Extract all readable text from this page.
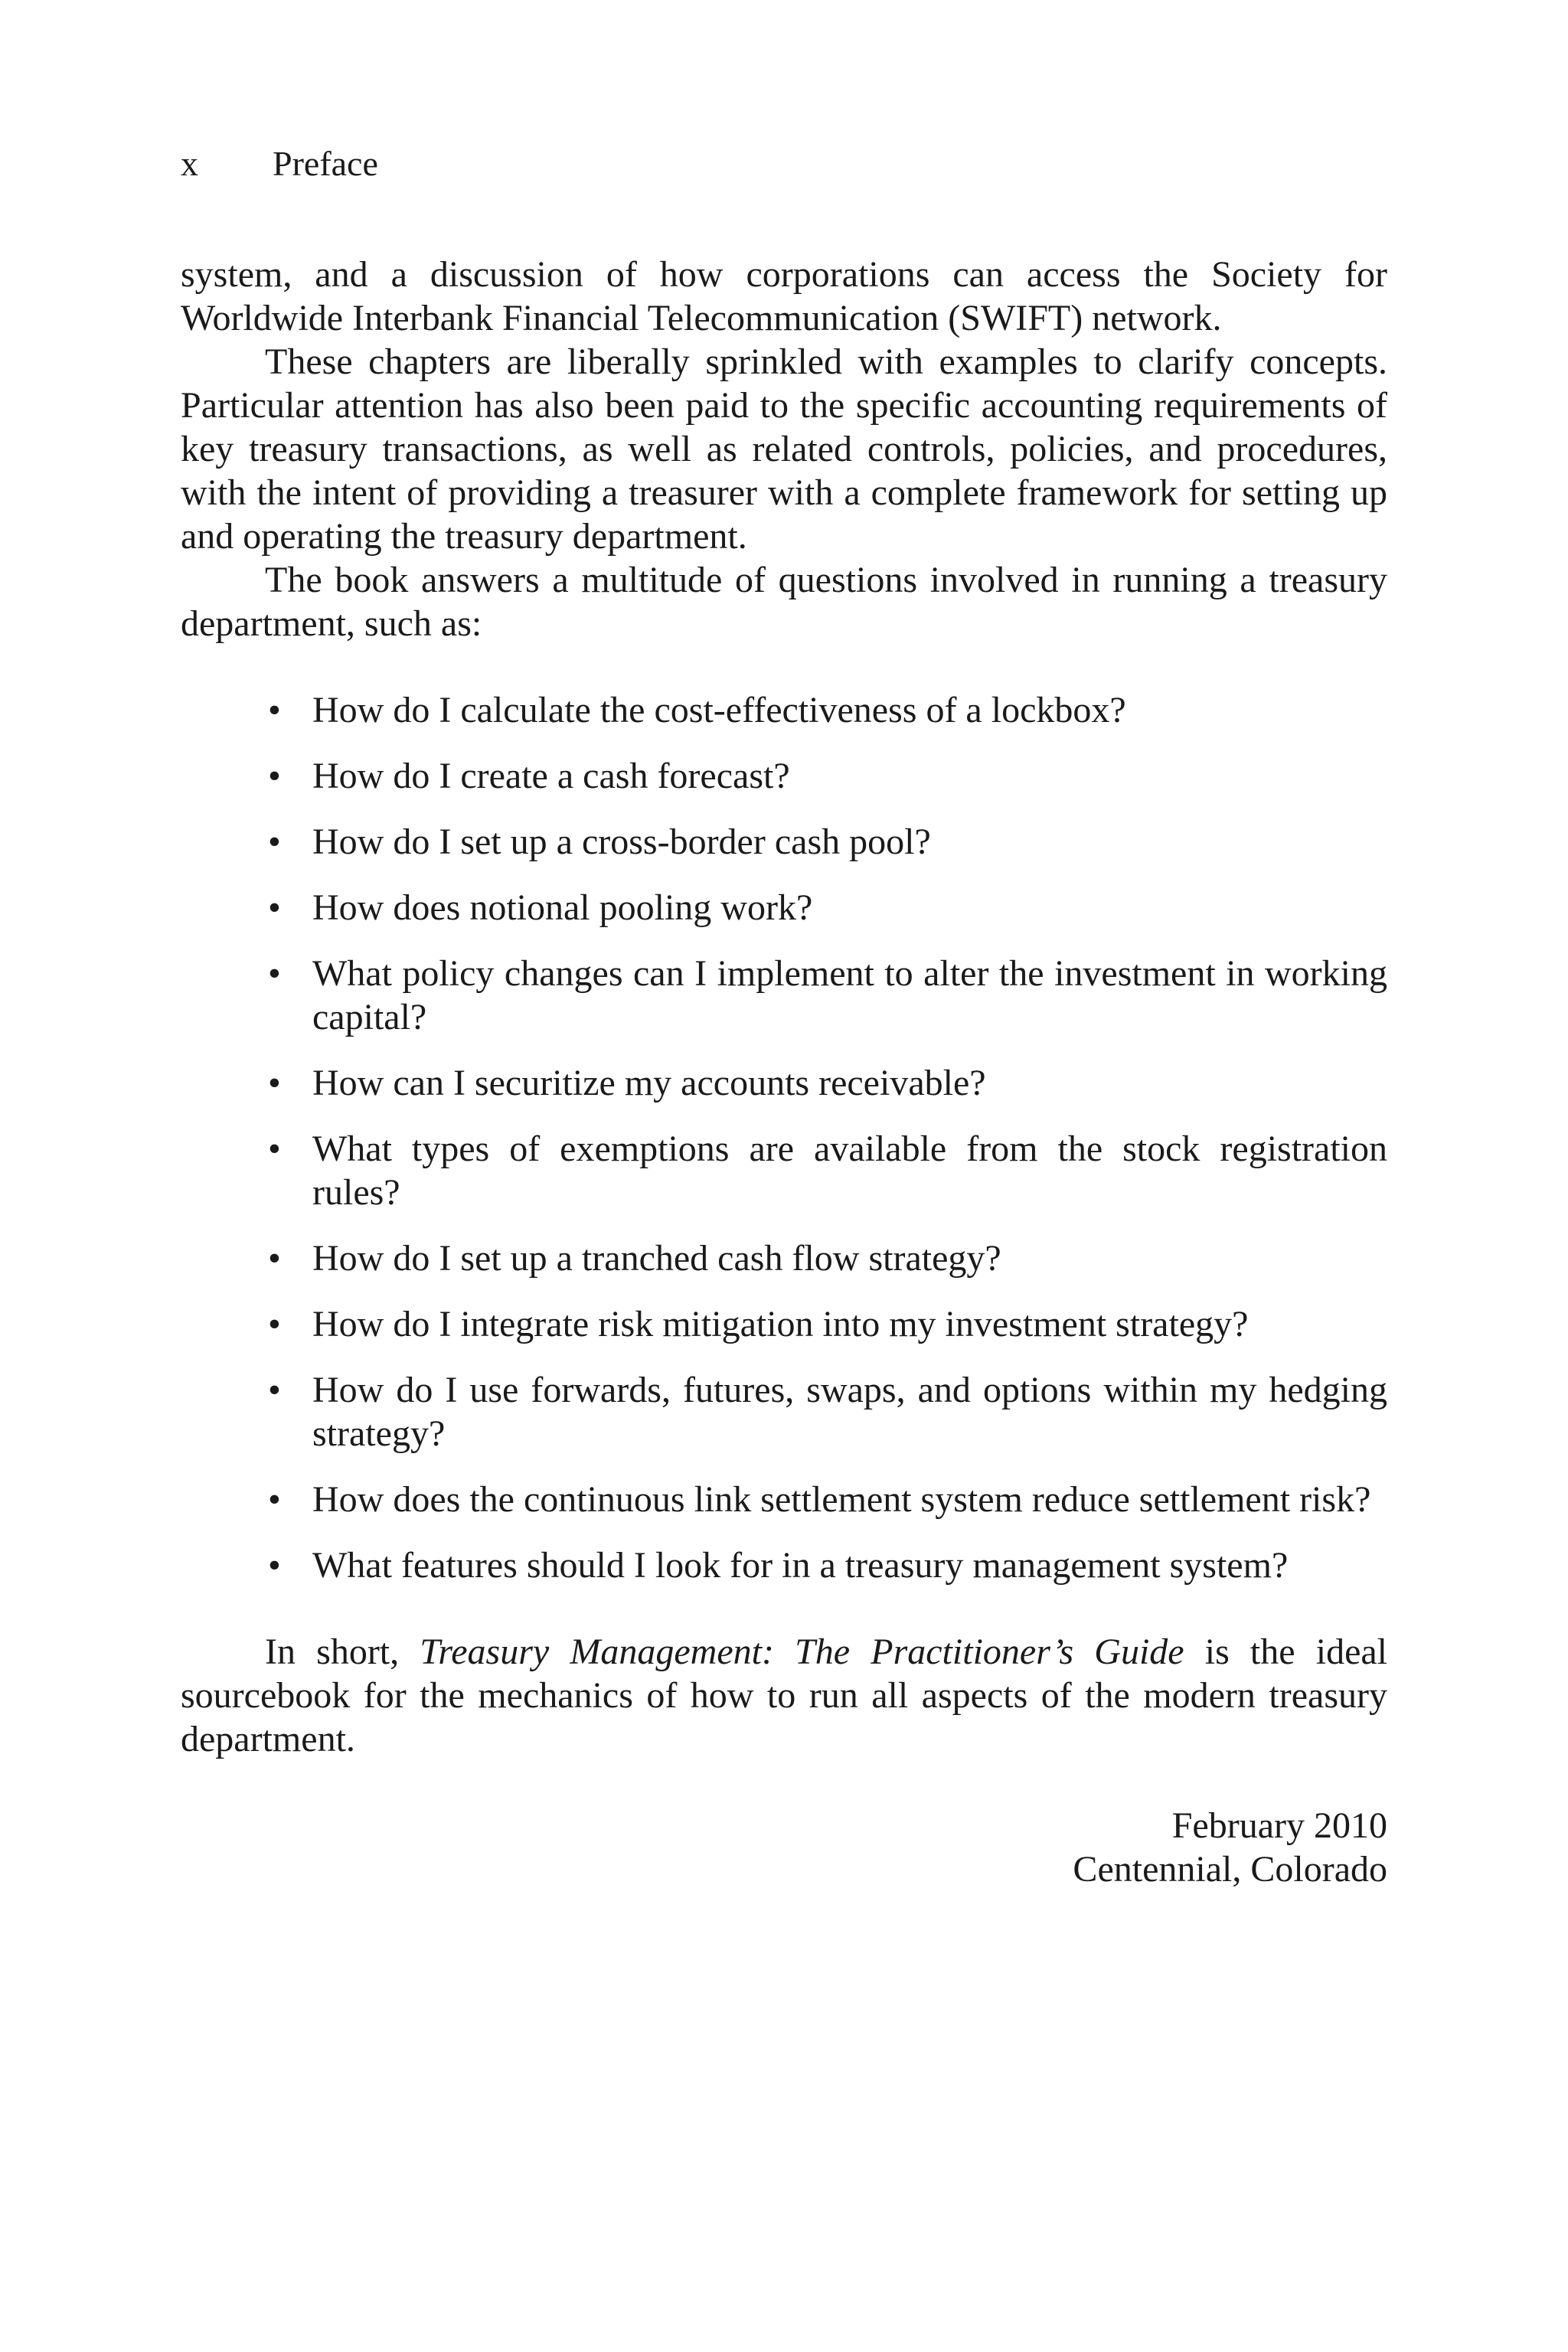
x	Preface

system, and a discussion of how corporations can access the Society for Worldwide Interbank Financial Telecommunication (SWIFT) network.

These chapters are liberally sprinkled with examples to clarify concepts. Particular attention has also been paid to the specific accounting requirements of key treasury transactions, as well as related controls, policies, and procedures, with the intent of providing a treasurer with a complete framework for setting up and operating the treasury department.

The book answers a multitude of questions involved in running a treasury department, such as:

• How do I calculate the cost-effectiveness of a lockbox?
• How do I create a cash forecast?
• How do I set up a cross-border cash pool?
• How does notional pooling work?
• What policy changes can I implement to alter the investment in working capital?
• How can I securitize my accounts receivable?
• What types of exemptions are available from the stock registration rules?
• How do I set up a tranched cash flow strategy?
• How do I integrate risk mitigation into my investment strategy?
• How do I use forwards, futures, swaps, and options within my hedging strategy?
• How does the continuous link settlement system reduce settlement risk?
• What features should I look for in a treasury management system?

In short, Treasury Management: The Practitioner’s Guide is the ideal sourcebook for the mechanics of how to run all aspects of the modern treasury department.

February 2010
Centennial, Colorado
